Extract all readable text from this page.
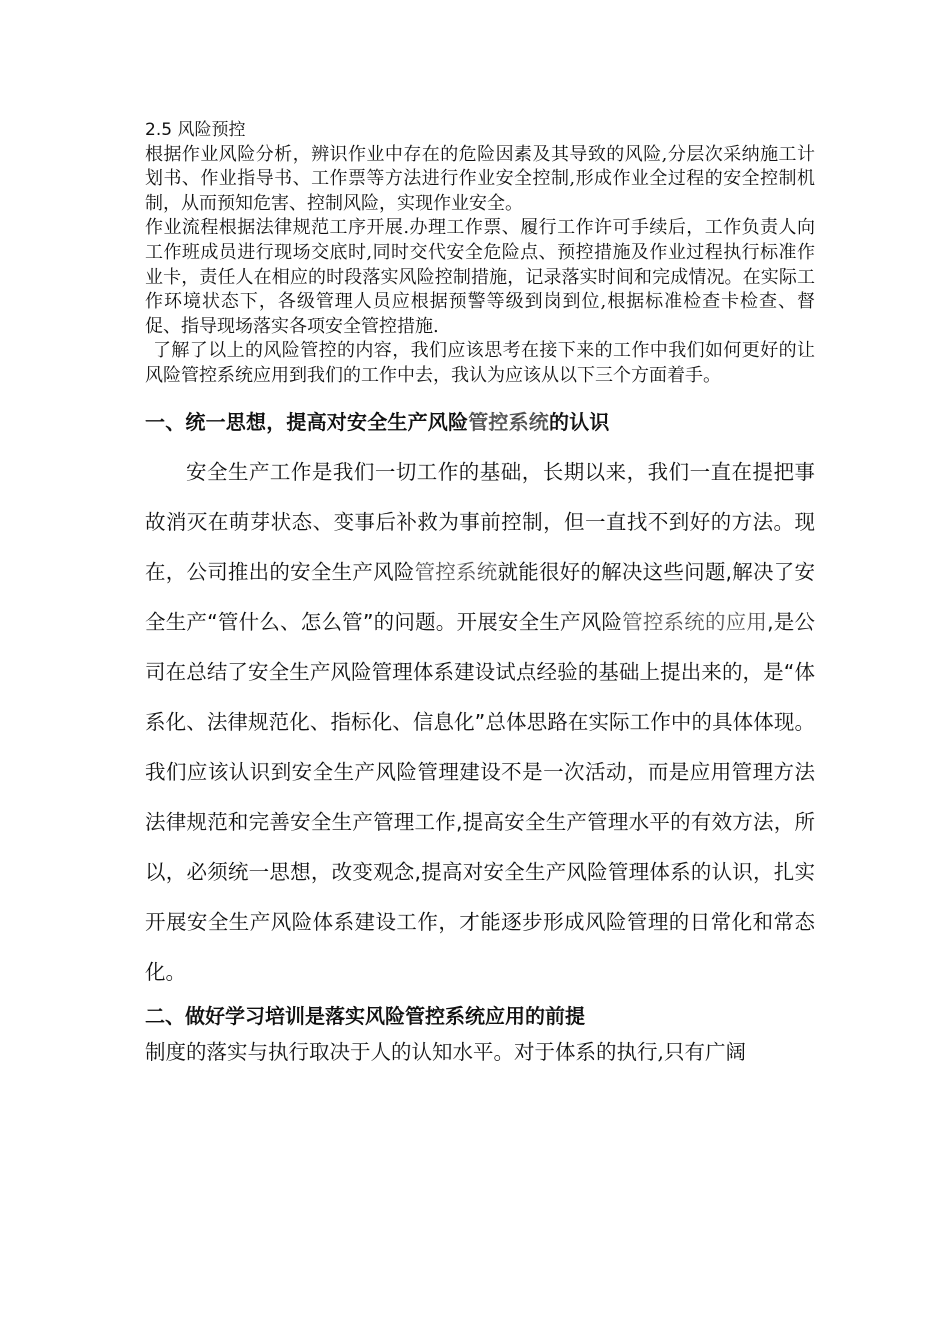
2.5 风险预控

根据作业风险分析，辨识作业中存在的危险因素及其导致的风险,分层次采纳施工计划书、作业指导书、工作票等方法进行作业安全控制,形成作业全过程的安全控制机制，从而预知危害、控制风险，实现作业安全。

作业流程根据法律规范工序开展.办理工作票、履行工作许可手续后，工作负责人向工作班成员进行现场交底时,同时交代安全危险点、预控措施及作业过程执行标准作业卡，责任人在相应的时段落实风险控制措施，记录落实时间和完成情况。在实际工作环境状态下，各级管理人员应根据预警等级到岗到位,根据标准检查卡检查、督促、指导现场落实各项安全管控措施.

了解了以上的风险管控的内容，我们应该思考在接下来的工作中我们如何更好的让风险管控系统应用到我们的工作中去，我认为应该从以下三个方面着手。

一、统一思想，提高对安全生产风险管控系统的认识

安全生产工作是我们一切工作的基础，长期以来，我们一直在提把事故消灭在萌芽状态、变事后补救为事前控制，但一直找不到好的方法。现在，公司推出的安全生产风险管控系统就能很好的解决这些问题,解决了安全生产“管什么、怎么管”的问题。开展安全生产风险管控系统的应用,是公司在总结了安全生产风险管理体系建设试点经验的基础上提出来的，是“体系化、法律规范化、指标化、信息化”总体思路在实际工作中的具体体现。我们应该认识到安全生产风险管理建设不是一次活动，而是应用管理方法法律规范和完善安全生产管理工作,提高安全生产管理水平的有效方法，所以，必须统一思想，改变观念,提高对安全生产风险管理体系的认识，扎实开展安全生产风险体系建设工作，才能逐步形成风险管理的日常化和常态化。

二、做好学习培训是落实风险管控系统应用的前提

制度的落实与执行取决于人的认知水平。对于体系的执行,只有广阔
